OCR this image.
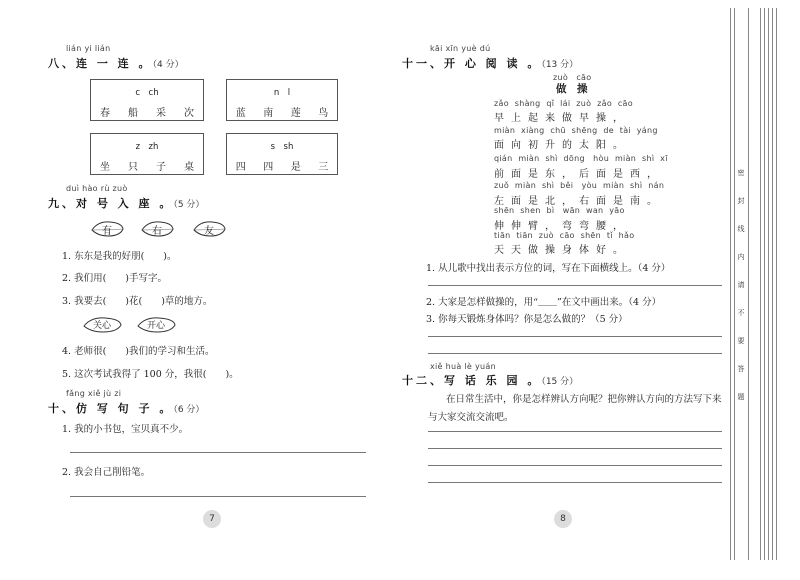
lián yi lián
八、连 一 连 。（4 分）
c　ch
春 船 采 次
n　l
蓝 南 莲 鸟
z　zh
坐 只 子 桌
s　sh
四 四 是 三
duì hào rù zuò
九、对 号 入 座 。（5 分）
有	右	友
1. 东东是我的好朋(　　)。
2. 我们用(　　)手写字。
3. 我要去(　　)花(　　)草的地方。
关心	开心
4. 老师很(　　)我们的学习和生活。
5. 这次考试我得了 100 分，我很(　　)。
fǎng xiě jù zi
十、仿 写 句 子 。（6 分）
1. 我的小书包，宝贝真不少。
2. 我会自己削铅笔。
7
kāi xīn yuè dú
十一、开 心 阅 读 。（13 分）
zuò　cāo
做　操
zǎo shàng qǐ lái zuò zǎo cāo
早上起来做早操，
miàn xiàng chū shēng de tài yáng
面向初升的太阳。
qián miàn shì dōng　hòu miàn shì xī
前面是东，后面是西，
zuǒ miàn shì běi　yòu miàn shì nán
左面是北，右面是南。
shēn shen bì　wān wan yāo
伸伸臂，弯弯腰，
tiān tiān zuò cāo shēn tǐ hǎo
天天做操身体好。
1. 从儿歌中找出表示方位的词，写在下面横线上。（4 分）
2. 大家是怎样做操的，用“＿＿”在文中画出来。（4 分）
3. 你每天锻炼身体吗？你是怎么做的？（5 分）
xiě huà lè yuán
十二、写 话 乐 园 。（15 分）
在日常生活中，你是怎样辨认方向呢？把你辨认方向的方法写下来
与大家交流交流吧。
8
密
封
线
内
请
不
要
答
题
